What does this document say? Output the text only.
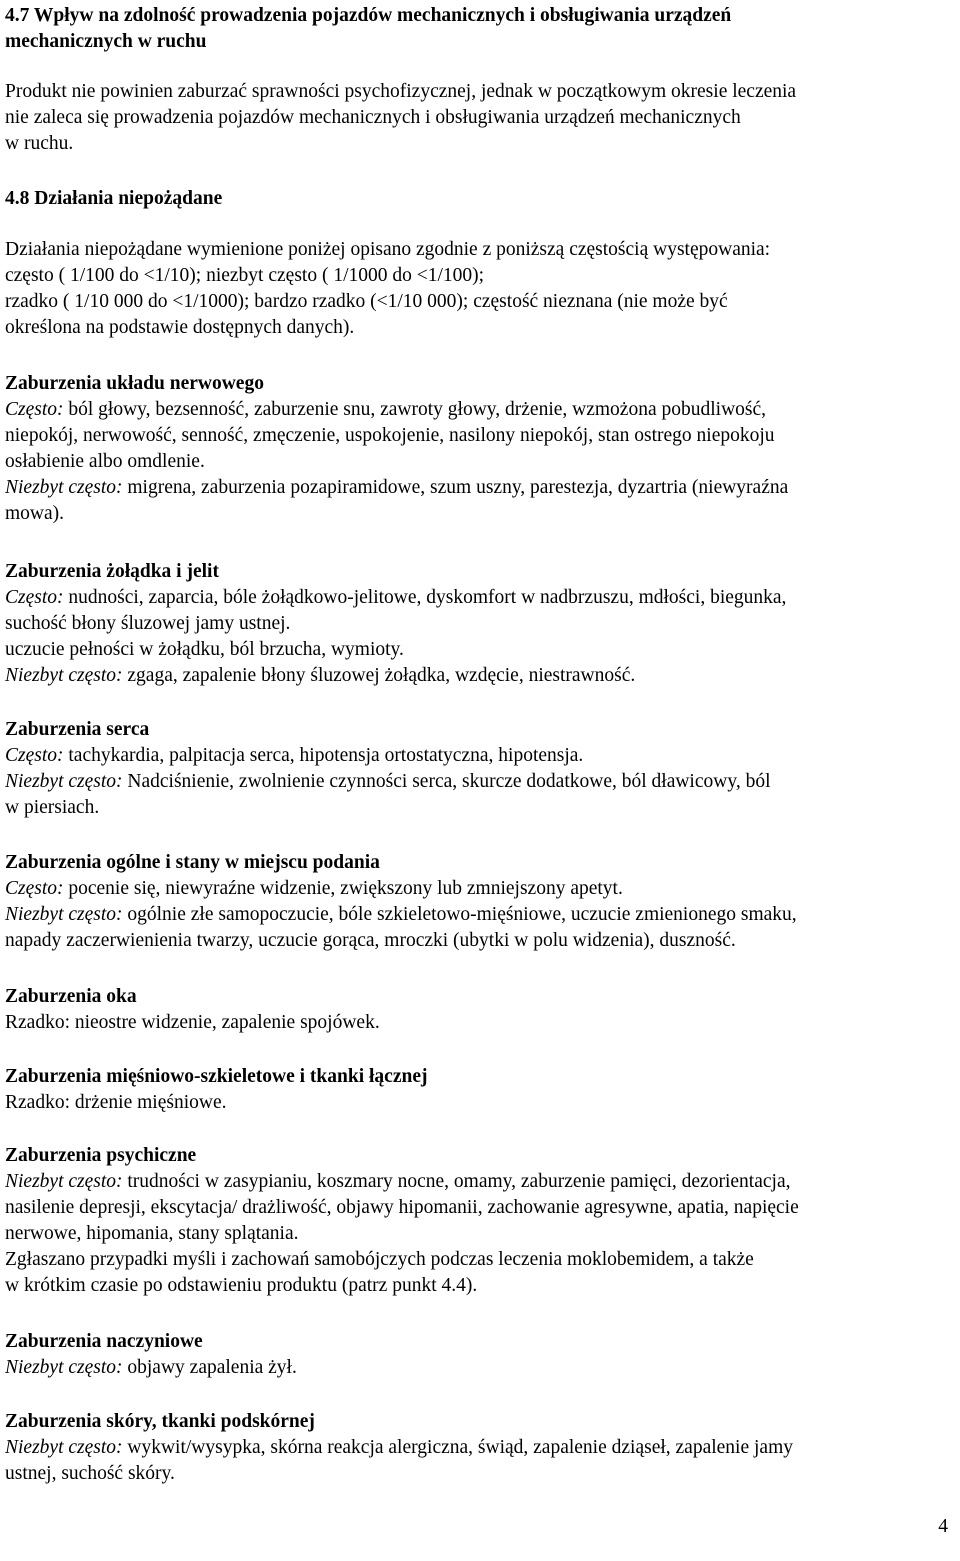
4.7 Wpływ na zdolność prowadzenia pojazdów mechanicznych i obsługiwania urządzeń
mechanicznych w ruchu
Produkt nie powinien zaburzać sprawności psychofizycznej, jednak w początkowym okresie leczenia
nie zaleca się prowadzenia pojazdów mechanicznych i obsługiwania urządzeń mechanicznych
w ruchu.
4.8 Działania niepożądane
Działania niepożądane wymienione poniżej opisano zgodnie z poniższą częstością występowania:
często ( 1/100 do <1/10); niezbyt często ( 1/1000 do <1/100);
rzadko ( 1/10 000 do <1/1000); bardzo rzadko (<1/10 000); częstość nieznana (nie może być
określona na podstawie dostępnych danych).
Zaburzenia układu nerwowego
Często: ból głowy, bezsenność, zaburzenie snu, zawroty głowy, drżenie, wzmożona pobudliwość,
niepokój, nerwowość, senność, zmęczenie, uspokojenie, nasilony niepokój, stan ostrego niepokoju
osłabienie albo omdlenie.
Niezbyt często: migrena, zaburzenia pozapiramidowe, szum uszny, parestezja, dyzartria (niewyraźna
mowa).
Zaburzenia żołądka i jelit
Często: nudności, zaparcia, bóle żołądkowo-jelitowe, dyskomfort w nadbrzuszu, mdłości, biegunka,
suchość błony śluzowej jamy ustnej.
uczucie pełności w żołądku, ból brzucha, wymioty.
Niezbyt często: zgaga, zapalenie błony śluzowej żołądka, wzdęcie, niestrawność.
Zaburzenia serca
Często: tachykardia, palpitacja serca, hipotensja ortostatyczna, hipotensja.
Niezbyt często: Nadciśnienie, zwolnienie czynności serca, skurcze dodatkowe, ból dławicowy, ból
w piersiach.
Zaburzenia ogólne i stany w miejscu podania
Często: pocenie się, niewyraźne widzenie, zwiększony lub zmniejszony apetyt.
Niezbyt często: ogólnie złe samopoczucie, bóle szkieletowo-mięśniowe, uczucie zmienionego smaku,
napady zaczerwienienia twarzy, uczucie gorąca, mroczki (ubytki w polu widzenia), duszność.
Zaburzenia oka
Rzadko: nieostre widzenie, zapalenie spojówek.
Zaburzenia mięśniowo-szkieletowe i tkanki łącznej
Rzadko: drżenie mięśniowe.
Zaburzenia psychiczne
Niezbyt często: trudności w zasypianiu, koszmary nocne, omamy, zaburzenie pamięci, dezorientacja,
nasilenie depresji, ekscytacja/ drażliwość, objawy hipomanii, zachowanie agresywne, apatia, napięcie
nerwowe, hipomania, stany splątania.
Zgłaszano przypadki myśli i zachowań samobójczych podczas leczenia moklobemidem, a także
w krótkim czasie po odstawieniu produktu (patrz punkt 4.4).
Zaburzenia naczyniowe
Niezbyt często: objawy zapalenia żył.
Zaburzenia skóry, tkanki podskórnej
Niezbyt często: wykwit/wysypka, skórna reakcja alergiczna, świąd, zapalenie dziąseł, zapalenie jamy
ustnej, suchość skóry.
4
